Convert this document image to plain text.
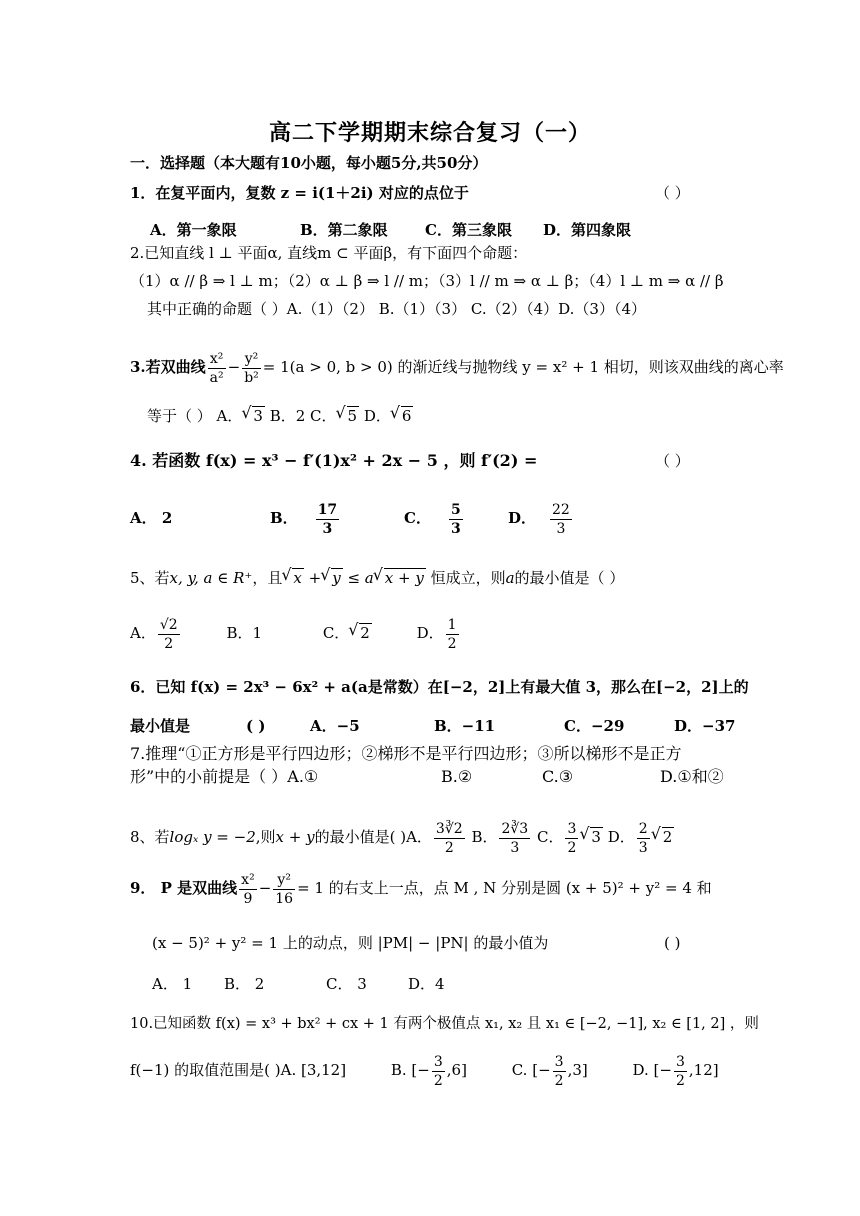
高二下学期期末综合复习（一）
一．选择题（本大题有10小题，每小题5分,共50分）
1．在复平面内，复数 z = i(1＋2i) 对应的点位于	（ ）
A．第一象限	B．第二象限 C．第三象限 D．第四象限
2.已知直线 l ⊥ 平面α, 直线m ⊂ 平面β，有下面四个命题：
（1）α // β ⇒ l ⊥ m；（2）α ⊥ β ⇒ l // m；（3）l // m ⇒ α ⊥ β；（4）l ⊥ m ⇒ α // β
其中正确的命题（ ）A.（1）（2） B.（1）（3） C.（2）（4）D.（3）（4）
3.若双曲线 $\frac{\text{x²}}{\text{a²}} - \frac{\text{y²}}{\text{b²}} = 1(a > 0$, b > 0) 的渐近线与抛物线 y = x² + 1 相切，则该双曲线的离心率
等于（ ） A． √ 3 B．2 C． √ 5 D． √ 6
4. 若函数 f(x) = x³ − f′(1)x² + 2x − 5 ，则 f′(2) =	（ ）
A． 2	B． $\frac{17}{3}$	C． $\frac{5}{3}$	D． $\frac{22}{3}$
5、若x, y, a ∈ R⁺，且 √ x + √ y ≤ a √ x + y 恒成立，则a的最小值是（ ）
A． $\frac{√2}{2}$	B．1	C． √ 2	D． $\frac{1}{2}$
6．已知 f(x) = 2x³ − 6x² + a(a是常数）在[−2，2]上有最大值 3，那么在[−2，2]上的
最小值是	( )	A．−5	B．−11	C．−29	D．−37
7.推理“①正方形是平行四边形；②梯形不是平行四边形；③所以梯形不是正方
形”中的小前提是（ ）A.①	B.②	C.③	D.①和②
8、若logₓ y = −2,则x + y的最小值是( )A． $\frac{3∛2}{2}$ B． $\frac{2∛3}{3}$ C． $\frac{3}{2}$ √ 3 D． $\frac{2}{3}$ √ 2
9． P 是双曲线 $\frac{\text{x²}}{9} - \frac{\text{y²}}{16} = 1$ 的右支上一点，点 M , N 分别是圆 (x + 5)² + y² = 4 和
(x − 5)² + y² = 1 上的动点，则 |PM| − |PN| 的最小值为	( )
A． 1 B． 2	C． 3	D．4
10.已知函数 f(x) = x³ + bx² + cx + 1 有两个极值点 x₁, x₂ 且 x₁ ∈ [−2, −1], x₂ ∈ [1, 2] ，则
f(−1) 的取值范围是( )A. [3,12]	B. [− $\frac{3}{2} ,6$]	C. [− $\frac{3}{2} ,3$]	D. [− $\frac{3}{2} ,12$]
